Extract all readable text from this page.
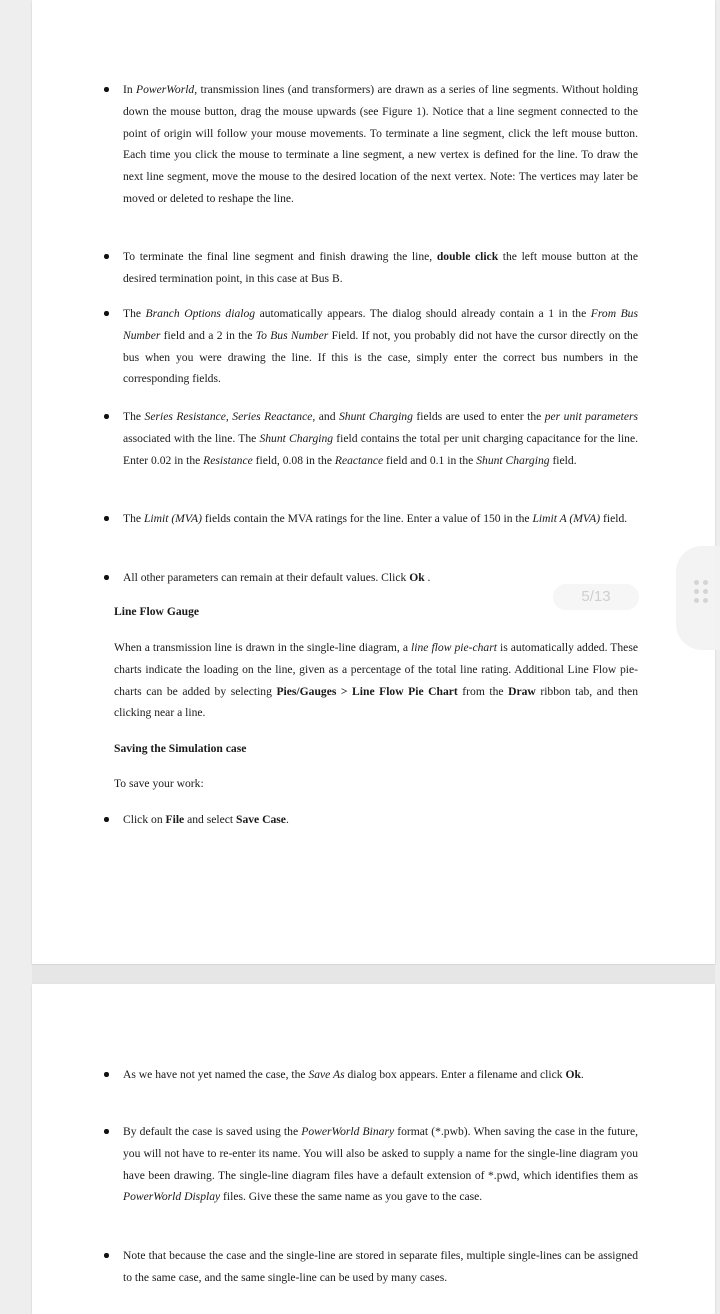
In PowerWorld, transmission lines (and transformers) are drawn as a series of line segments. Without holding down the mouse button, drag the mouse upwards (see Figure 1). Notice that a line segment connected to the point of origin will follow your mouse movements. To terminate a line segment, click the left mouse button. Each time you click the mouse to terminate a line segment, a new vertex is defined for the line. To draw the next line segment, move the mouse to the desired location of the next vertex. Note: The vertices may later be moved or deleted to reshape the line.

To terminate the final line segment and finish drawing the line, double click the left mouse button at the desired termination point, in this case at Bus B.

The Branch Options dialog automatically appears. The dialog should already contain a 1 in the From Bus Number field and a 2 in the To Bus Number Field. If not, you probably did not have the cursor directly on the bus when you were drawing the line. If this is the case, simply enter the correct bus numbers in the corresponding fields.

The Series Resistance, Series Reactance, and Shunt Charging fields are used to enter the per unit parameters associated with the line. The Shunt Charging field contains the total per unit charging capacitance for the line. Enter 0.02 in the Resistance field, 0.08 in the Reactance field and 0.1 in the Shunt Charging field.

The Limit (MVA) fields contain the MVA ratings for the line. Enter a value of 150 in the Limit A (MVA) field.

All other parameters can remain at their default values. Click Ok .

Line Flow Gauge

When a transmission line is drawn in the single-line diagram, a line flow pie-chart is automatically added. These charts indicate the loading on the line, given as a percentage of the total line rating. Additional Line Flow pie-charts can be added by selecting Pies/Gauges > Line Flow Pie Chart from the Draw ribbon tab, and then clicking near a line.

Saving the Simulation case

To save your work:

Click on File and select Save Case.

As we have not yet named the case, the Save As dialog box appears. Enter a filename and click Ok.

By default the case is saved using the PowerWorld Binary format (*.pwb). When saving the case in the future, you will not have to re-enter its name. You will also be asked to supply a name for the single-line diagram you have been drawing. The single-line diagram files have a default extension of *.pwd, which identifies them as PowerWorld Display files. Give these the same name as you gave to the case.

Note that because the case and the single-line are stored in separate files, multiple single-lines can be assigned to the same case, and the same single-line can be used by many cases.

5/13
